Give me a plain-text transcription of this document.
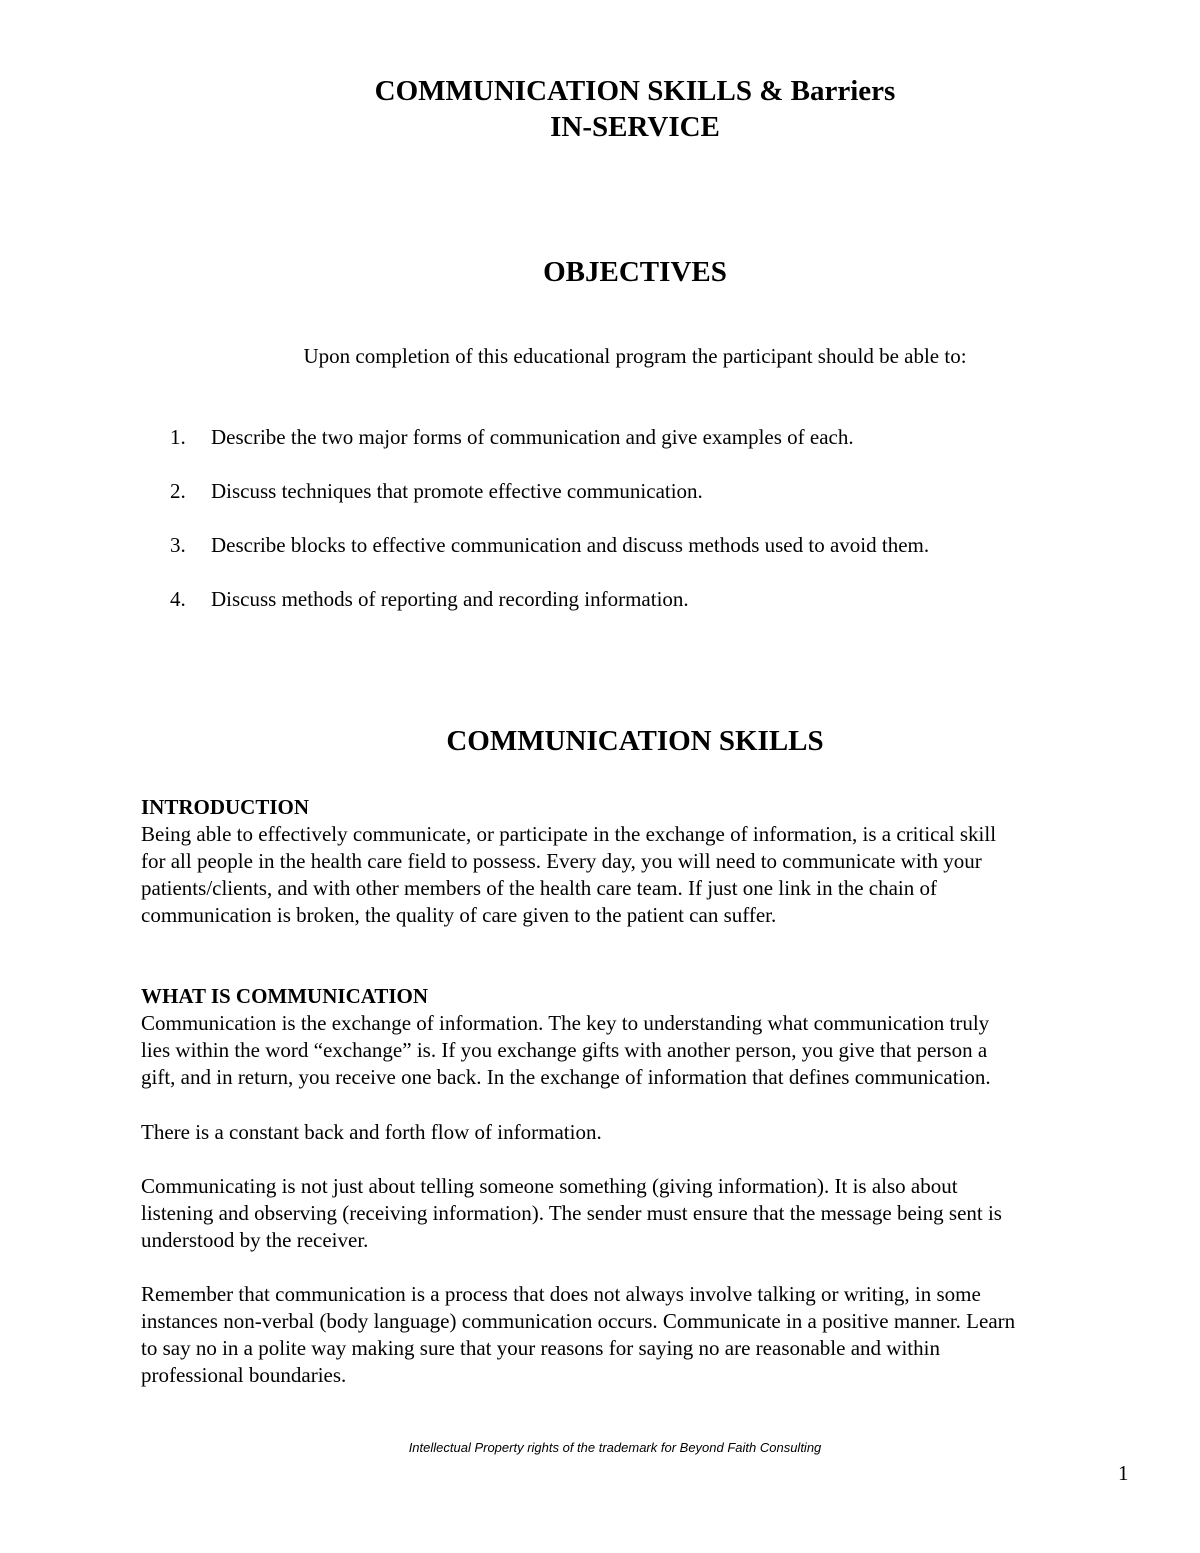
COMMUNICATION SKILLS & Barriers
IN-SERVICE
OBJECTIVES
Upon completion of this educational program the participant should be able to:
1.	Describe the two major forms of communication and give examples of each.
2.	Discuss techniques that promote effective communication.
3.	Describe blocks to effective communication and discuss methods used to avoid them.
4.	Discuss methods of reporting and recording information.
COMMUNICATION SKILLS
INTRODUCTION
Being able to effectively communicate, or participate in the exchange of information, is a critical skill
for all people in the health care field to possess. Every day, you will need to communicate with your
patients/clients, and with other members of the health care team. If just one link in the chain of
communication is broken, the quality of care given to the patient can suffer.
WHAT IS COMMUNICATION
Communication is the exchange of information. The key to understanding what communication truly
lies within the word “exchange” is. If you exchange gifts with another person, you give that person a
gift, and in return, you receive one back. In the exchange of information that defines communication.
There is a constant back and forth flow of information.
Communicating is not just about telling someone something (giving information). It is also about
listening and observing (receiving information). The sender must ensure that the message being sent is
understood by the receiver.
Remember that communication is a process that does not always involve talking or writing, in some
instances non-verbal (body language) communication occurs. Communicate in a positive manner. Learn
to say no in a polite way making sure that your reasons for saying no are reasonable and within
professional boundaries.
Intellectual Property rights of the trademark for Beyond Faith Consulting
1
